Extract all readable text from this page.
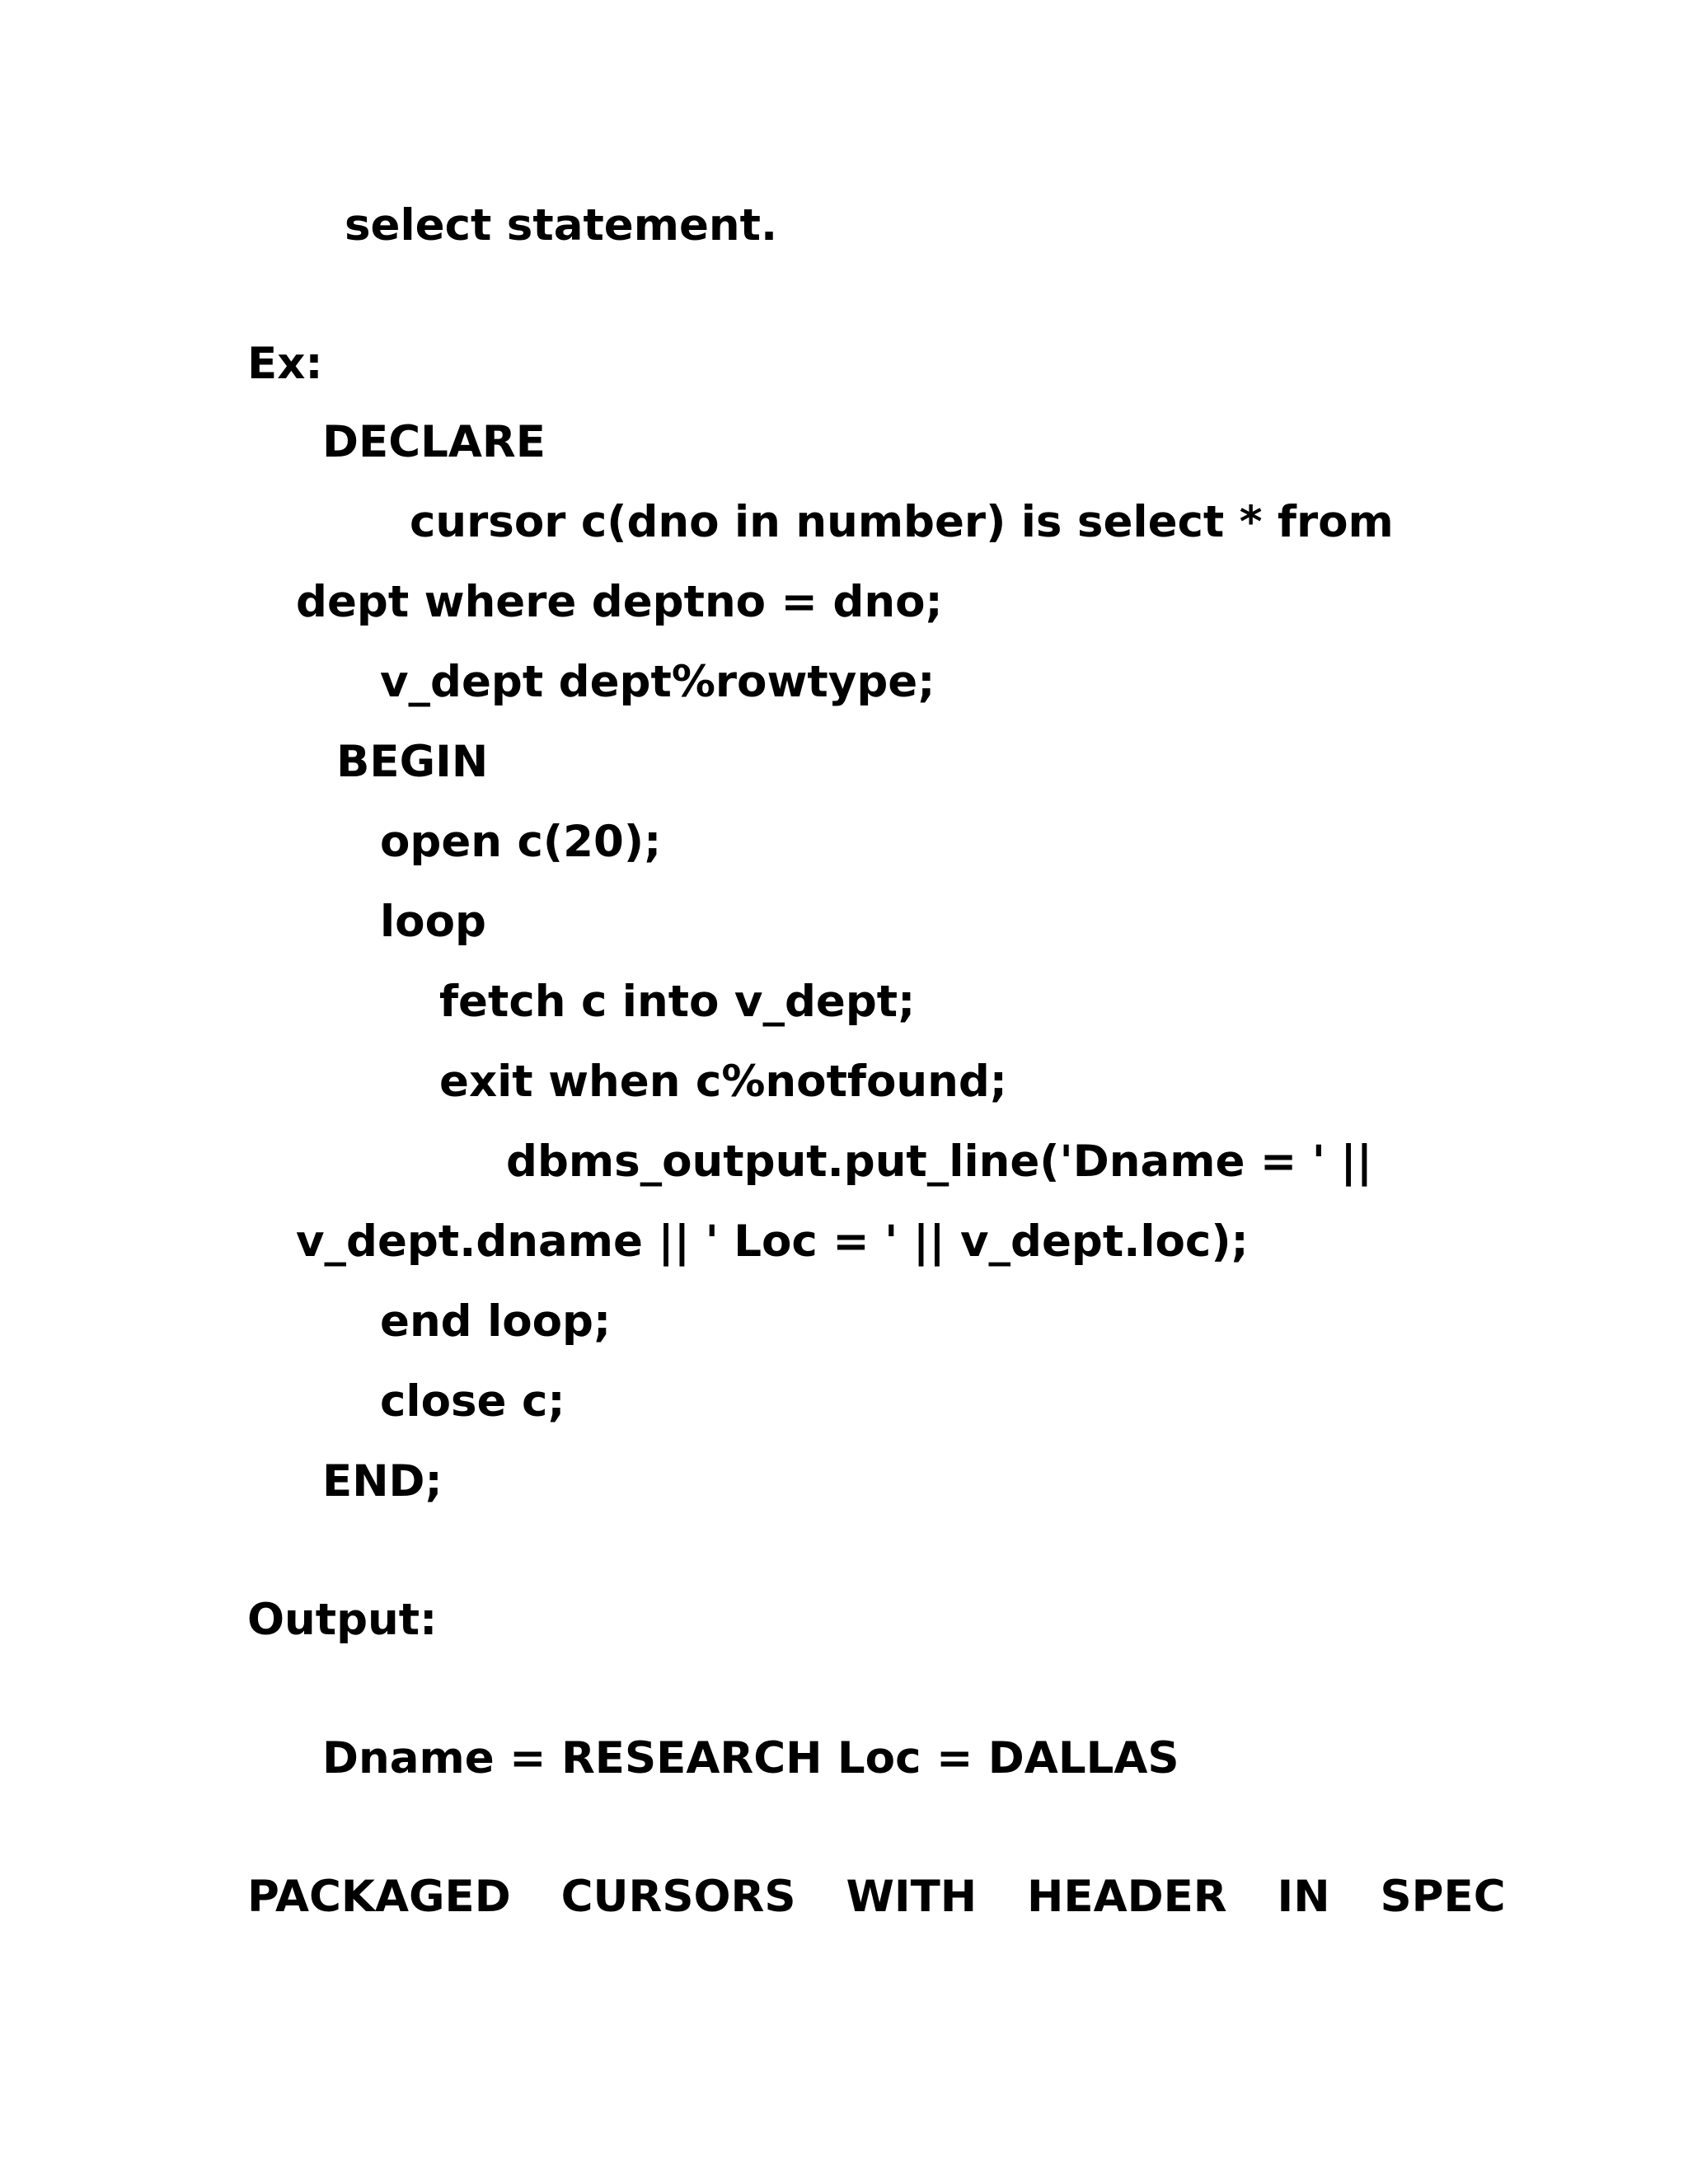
select statement.

Ex:

DECLARE

cursor c(dno in number) is select * from

dept where deptno = dno;

v_dept dept%rowtype;

BEGIN

open c(20);

loop

fetch c into v_dept;

exit when c%notfound;

dbms_output.put_line('Dname = ' ||

v_dept.dname || ' Loc = ' || v_dept.loc);

end loop;

close c;

END;

Output:

Dname = RESEARCH Loc = DALLAS

PACKAGED  CURSORS  WITH  HEADER  IN  SPEC
